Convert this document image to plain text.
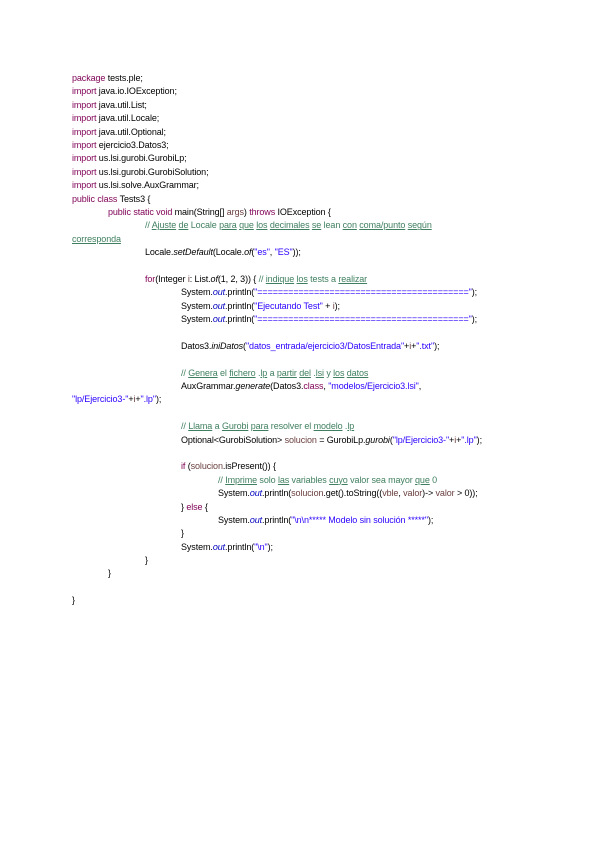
package tests.ple;
import java.io.IOException;
import java.util.List;
import java.util.Locale;
import java.util.Optional;
import ejercicio3.Datos3;
import us.lsi.gurobi.GurobiLp;
import us.lsi.gurobi.GurobiSolution;
import us.lsi.solve.AuxGrammar;
public class Tests3 {
public static void main(String[] args) throws IOException {
// Ajuste de Locale para que los decimales se lean con coma/punto según
corresponda
Locale.setDefault(Locale.of("es", "ES"));
for(Integer i: List.of(1, 2, 3)) { // indique los tests a realizar
System.out.println("=========================================");
System.out.println("Ejecutando Test" + i);
System.out.println("=========================================");
Datos3.iniDatos("datos_entrada/ejercicio3/DatosEntrada"+i+".txt");
// Genera el fichero .lp a partir del .lsi y los datos
AuxGrammar.generate(Datos3.class, "modelos/Ejercicio3.lsi",
"lp/Ejercicio3-"+i+".lp");
// Llama a Gurobi para resolver el modelo .lp
Optional<GurobiSolution> solucion = GurobiLp.gurobi("lp/Ejercicio3-"+i+".lp");
if (solucion.isPresent()) {
// Imprime solo las variables cuyo valor sea mayor que 0
System.out.println(solucion.get().toString((vble, valor)-> valor > 0));
} else {
System.out.println("\n\n***** Modelo sin solución *****");
}
System.out.println("\n");
}
}
}
